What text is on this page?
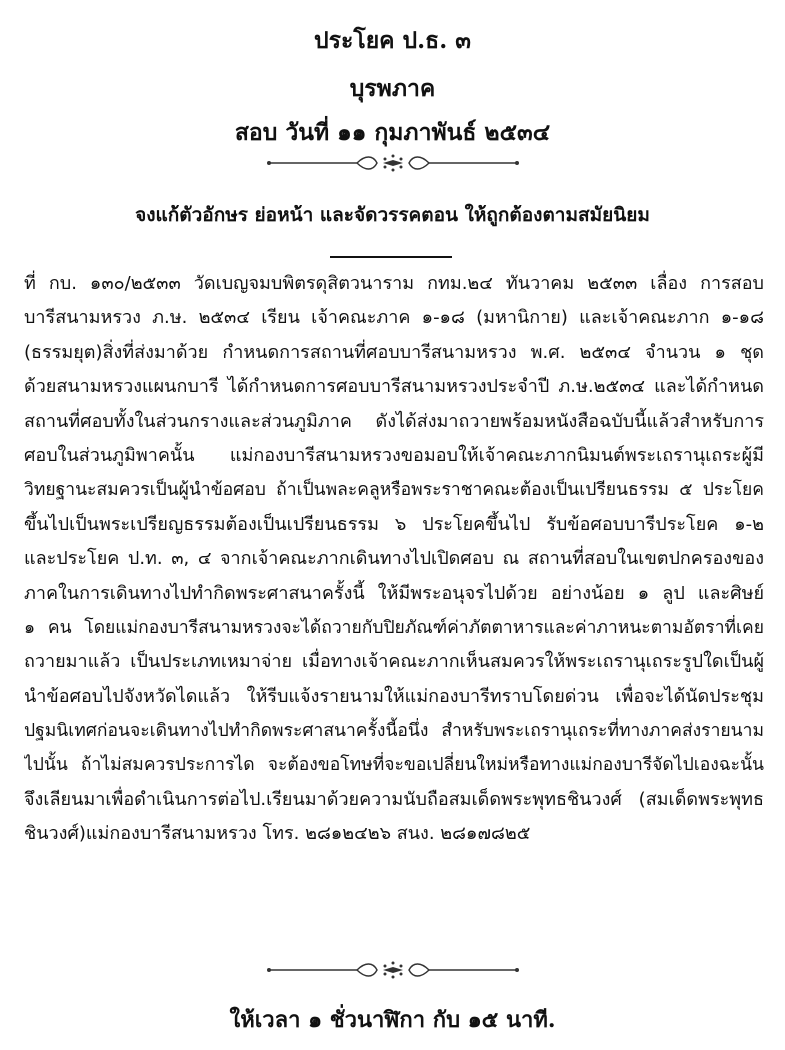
ประโยค ป.ธ. ๓
บุรพภาค
สอบ วันที่ ๑๑ กุมภาพันธ์ ๒๕๓๔
จงแก้ตัวอักษร ย่อหน้า และจัดวรรคตอน ให้ถูกต้องตามสมัยนิยม
ที่ กบ. ๑๓๐/๒๕๓๓ วัดเบญจมบพิตรดุสิตวนาราม กทม.๒๔ ทันวาคม ๒๕๓๓ เลื่อง การสอบ
บารีสนามหรวง ภ.ษ. ๒๕๓๔ เรียน เจ้าคณะภาค ๑-๑๘ (มหานิกาย) และเจ้าคณะภาก ๑-๑๘
(ธรรมยุต)สิ่งที่ส่งมาด้วย กำหนดการสถานที่ศอบบารีสนามหรวง พ.ศ. ๒๕๓๔ จำนวน ๑ ชุด
ด้วยสนามหรวงแผนกบารี ได้กำหนดการศอบบารีสนามหรวงประจำปี ภ.ษ.๒๕๓๔ และได้กำหนด
สถานที่ศอบทั้งในส่วนกรางและส่วนภูมิภาค ดังได้ส่งมาถวายพร้อมหนังสือฉบับนี้แล้วสำหรับการ
ศอบในส่วนภูมิพาคนั้น แม่กองบารีสนามหรวงขอมอบให้เจ้าคณะภากนิมนต์พระเถรานุเถระผู้มี
วิทยฐานะสมควรเป็นผู้นำข้อศอบ ถ้าเป็นพละคลูหรือพระราชาคณะต้องเป็นเปรียนธรรม ๕ ประโยค
ขึ้นไปเป็นพระเปรียญธรรมต้องเป็นเปรียนธรรม ๖ ประโยคขึ้นไป รับข้อศอบบารีประโยค ๑-๒
และประโยค ป.ท. ๓, ๔ จากเจ้าคณะภากเดินทางไปเปิดศอบ ณ สถานที่สอบในเขตปกครองของ
ภาคในการเดินทางไปทำกิดพระศาสนาครั้งนี้ ให้มีพระอนุจรไปด้วย อย่างน้อย ๑ ลูป และศิษย์
๑ คน โดยแม่กองบารีสนามหรวงจะได้ถวายกับปิยภัณฑ์ค่าภัตตาหารและค่าภาหนะตามอัตราที่เคย
ถวายมาแล้ว เป็นประเภทเหมาจ่าย เมื่อทางเจ้าคณะภากเห็นสมควรให้พระเถรานุเถระรูปใดเป็นผู้
นำข้อศอบไปจังหวัดไดแล้ว ให้รีบแจ้งรายนามให้แม่กองบารีทราบโดยด่วน เพื่อจะได้นัดประชุม
ปฐมนิเทศก่อนจะเดินทางไปทำกิดพระศาสนาครั้งนี้อนึ่ง สำหรับพระเถรานุเถระที่ทางภาคส่งรายนาม
ไปนั้น ถ้าไม่สมควรประการได จะต้องขอโทษที่จะขอเปลี่ยนใหม่หรือทางแม่กองบารีจัดไปเองฉะนั้น
จึงเลียนมาเพื่อดำเนินการต่อไป.เรียนมาด้วยความนับถือสมเด็ดพระพุทธชินวงศ์ (สมเด็ดพระพุทธ
ชินวงศ์)แม่กองบารีสนามหรวง โทร. ๒๘๑๒๔๒๖ สนง. ๒๘๑๗๘๒๕
ให้เวลา ๑ ชั่วนาฬิกา กับ ๑๕ นาที.
